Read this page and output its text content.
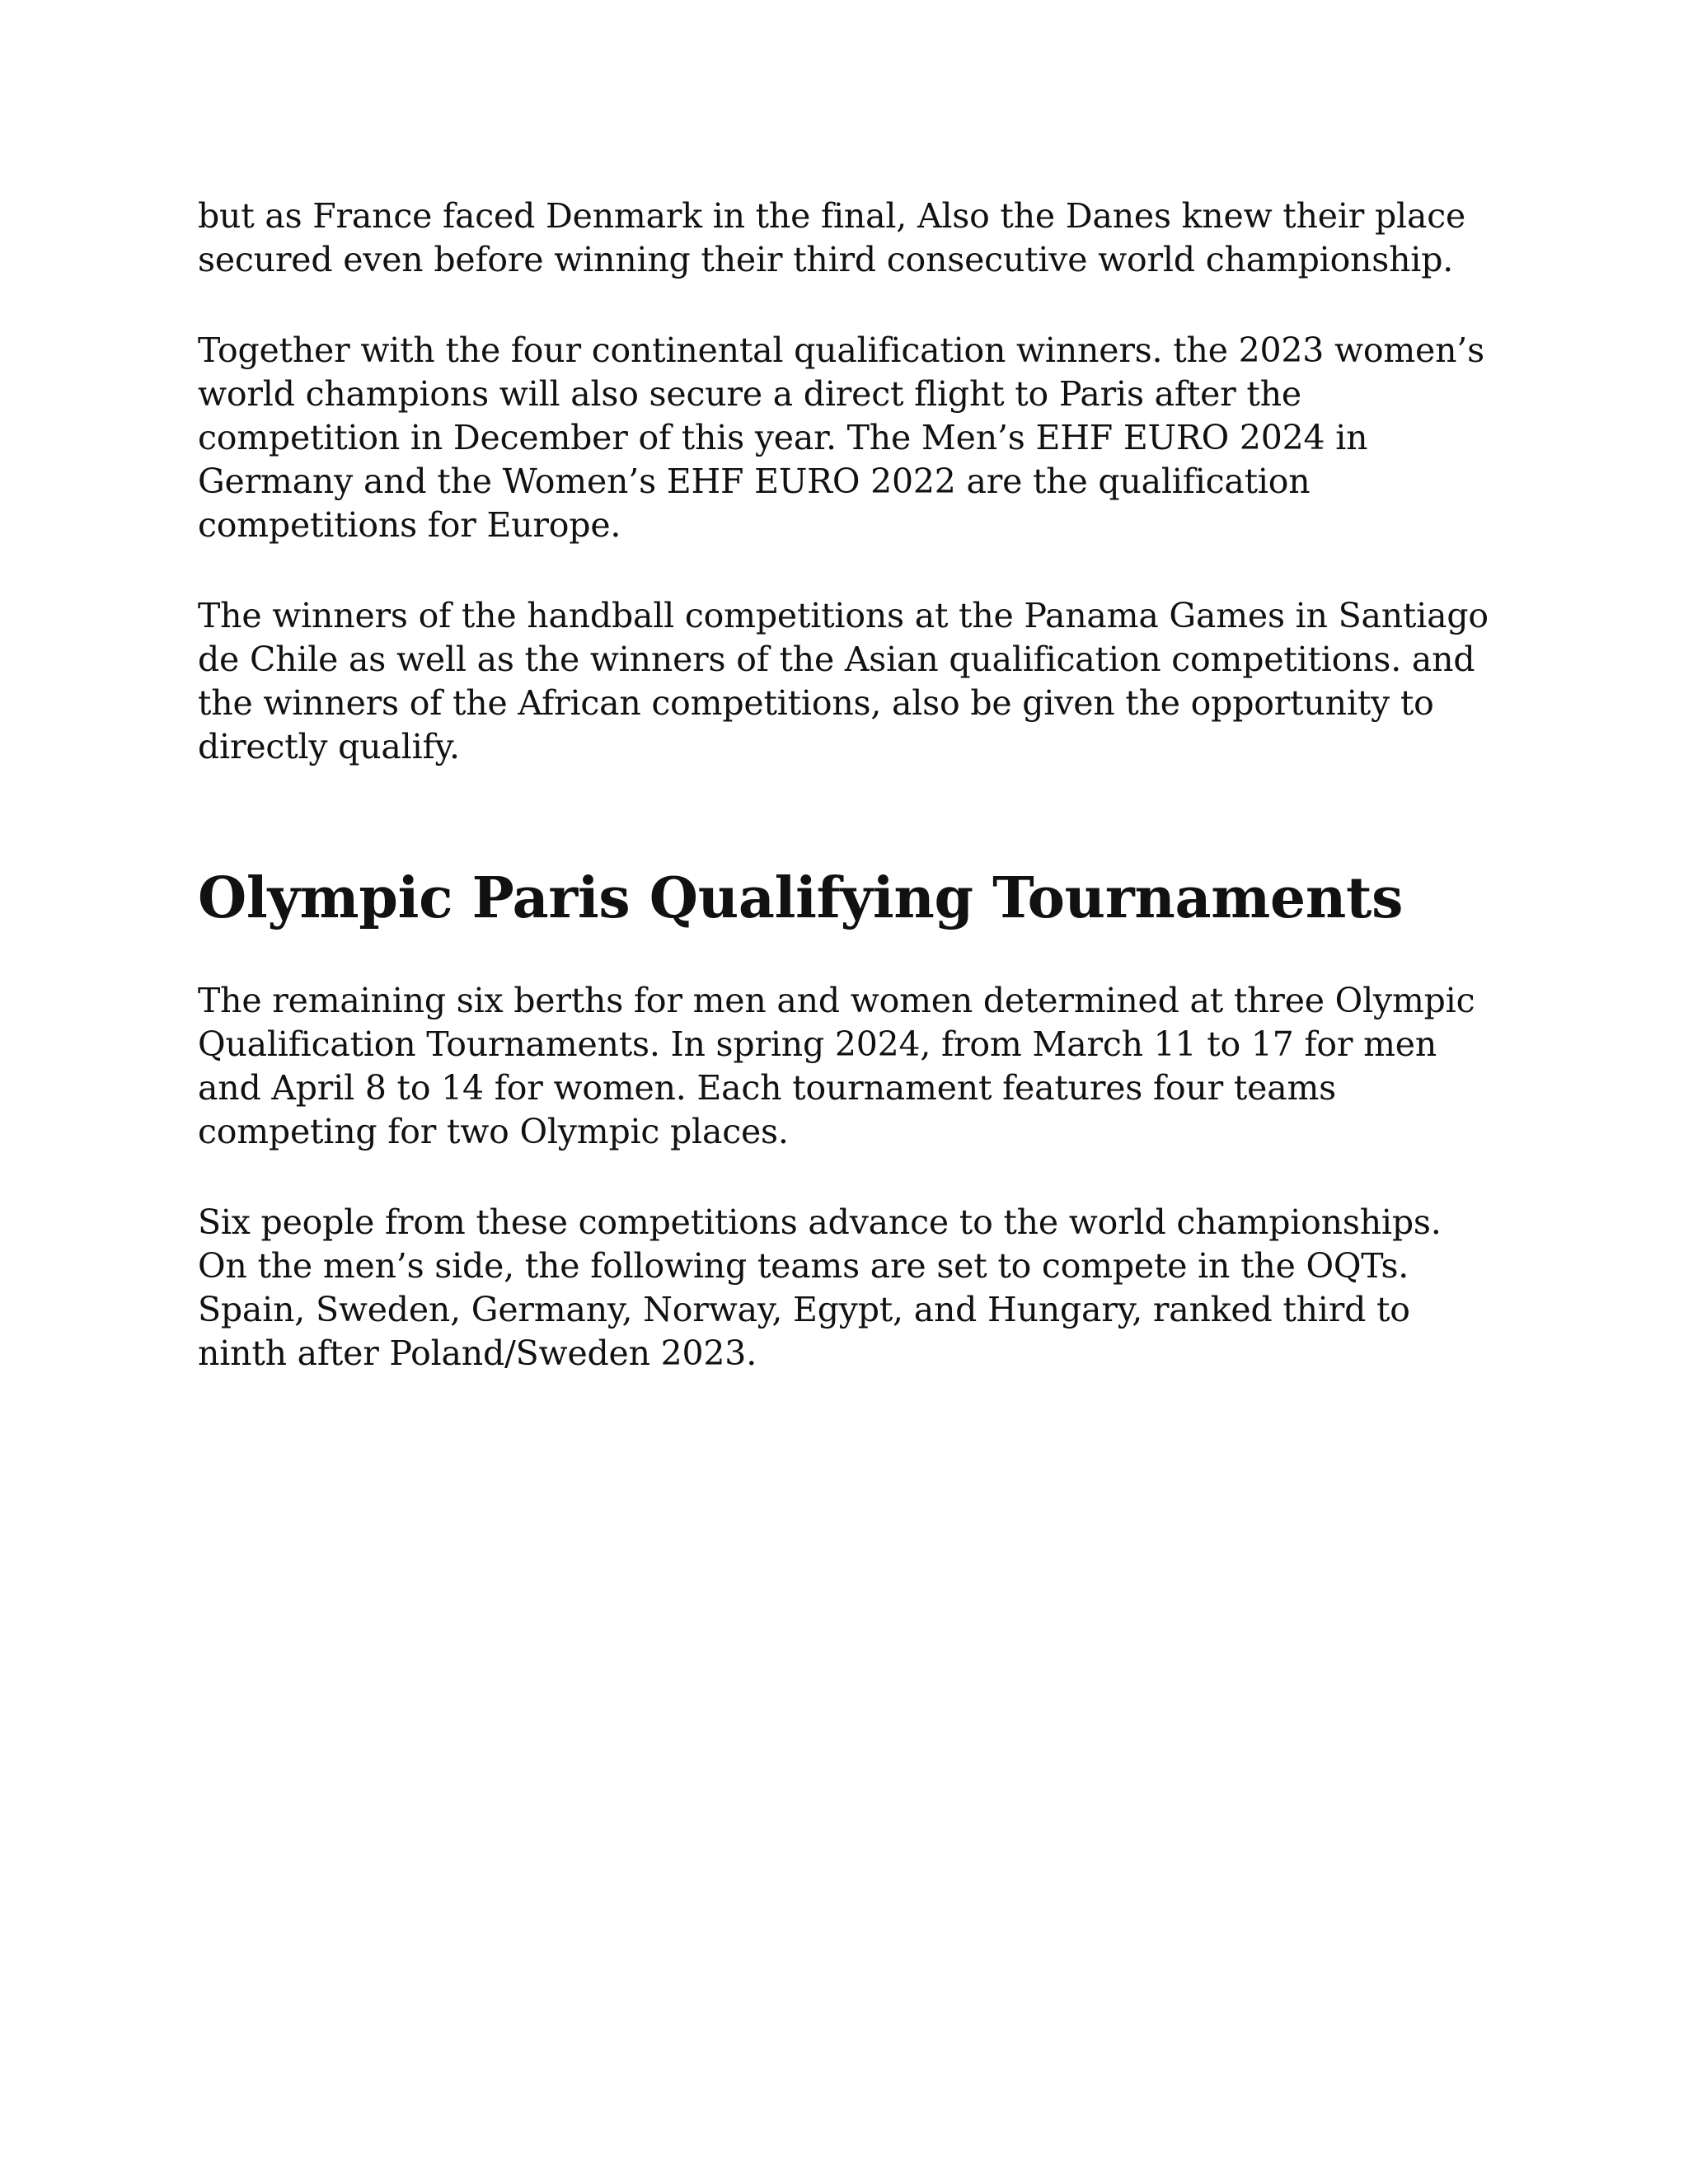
but as France faced Denmark in the final, Also the Danes knew their place secured even before winning their third consecutive world championship.

Together with the four continental qualification winners. the 2023 women’s world champions will also secure a direct flight to Paris after the competition in December of this year. The Men’s EHF EURO 2024 in Germany and the Women’s EHF EURO 2022 are the qualification competitions for Europe.

The winners of the handball competitions at the Panama Games in Santiago de Chile as well as the winners of the Asian qualification competitions. and the winners of the African competitions, also be given the opportunity to directly qualify.

Olympic Paris Qualifying Tournaments

The remaining six berths for men and women determined at three Olympic Qualification Tournaments. In spring 2024, from March 11 to 17 for men and April 8 to 14 for women. Each tournament features four teams competing for two Olympic places.

Six people from these competitions advance to the world championships. On the men’s side, the following teams are set to compete in the OQTs. Spain, Sweden, Germany, Norway, Egypt, and Hungary, ranked third to ninth after Poland/Sweden 2023.
